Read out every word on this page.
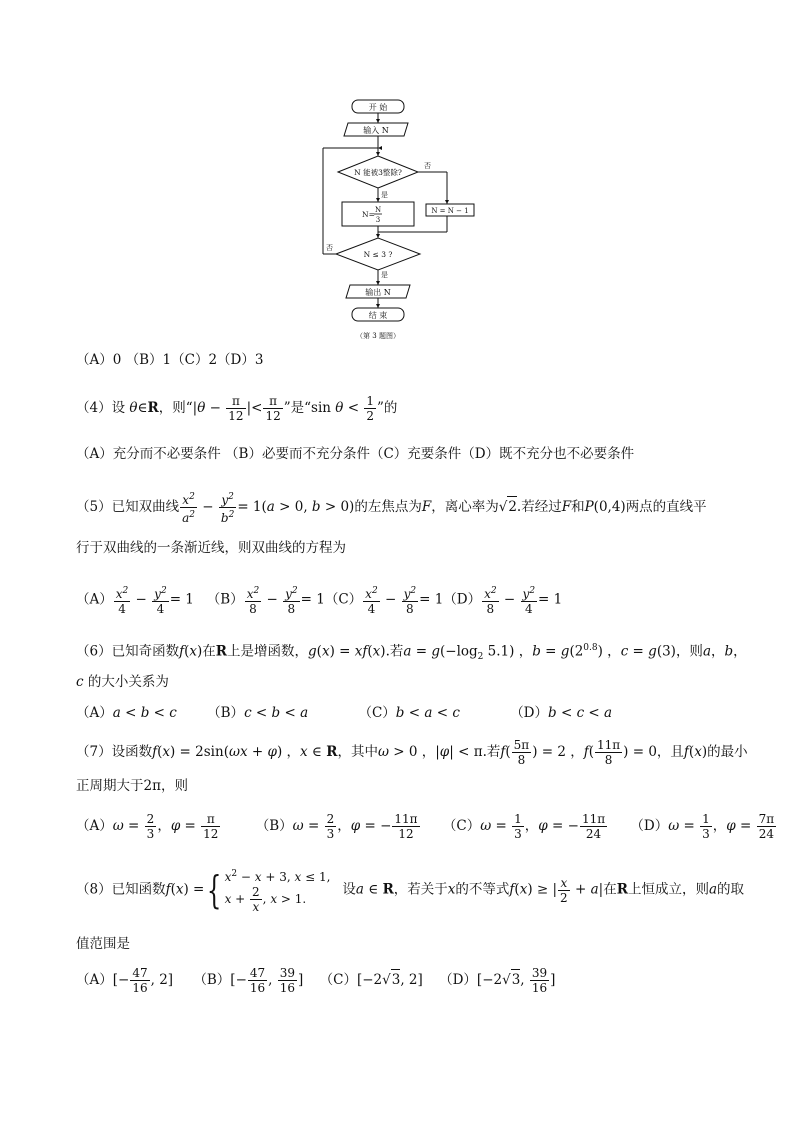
开 始
输入 N
N 能被3整除?
否
是
N= N
3
N = N − 1
N ≤ 3 ?
否
是
输出 N
结 束
（第 3 题图）
（A）0 （B）1（C）2（D）3
（4）设 θ∈R，则“$|\theta - \frac{\pi}{12}$ |< $\frac{\pi}{12}$ ”是“sin $\theta < \frac{1}{2}$ ”的
（A）充分而不必要条件 （B）必要而不充分条件（C）充要条件（D）既不充分也不必要条件
（5）已知双曲线 $\frac{x^2}{a^2} - \frac{y^2}{b^2} = 1(a > 0$, b > 0)的左焦点为F，离心率为√2.若经过F和P(0,4)两点的直线平
行于双曲线的一条渐近线，则双曲线的方程为
$(A) \frac{x^2}{4} - \frac{y^2}{4} = 1$   $(B) \frac{x^2}{8} - \frac{y^2}{8} = 1(C) \frac{x^2}{4} - \frac{y^2}{8} = 1(D) \frac{x^2}{8} - \frac{y^2}{4} = 1$
（6）已知奇函数f(x)在R上是增函数，g(x) = xf(x).若$a = g(-\log_2$ 5.1) ，$b = g(2^{0.8})$ ，c = g(3)，则a，b，
c 的大小关系为
（A）a < b < c （B）c < b < a	（C）b < a < c	（D）b < c < a
（7）设函数f(x) = 2sin(ωx + φ) ，x ∈ R，其中ω > 0 ，|φ| < π.若$f( \frac{5\pi}{8}$ ) = 2 ，$f( \frac{11\pi}{8}$ ) = 0，且f(x)的最小
正周期大于2π，则
$(A)\omega = \frac{2}{3}$ ，$\varphi = \frac{\pi}{12}$	$(B)\omega = \frac{2}{3}$ ，φ = − $\frac{11\pi}{12} (C)\omega = \frac{1}{3}$ ，φ = − $\frac{11\pi}{24} (D)\omega = \frac{1}{3}$ ，$\varphi = \frac{7\pi}{24}$
（8）已知函数f(x) ={ $x^2 - x + 3$, x ≤ 1,
$x + \frac{2}{x}$ , x > 1.
设a ∈ R，若关于x的不等式f(x) ≥ | $\frac{x}{2} + a|$在R上恒成立，则a的取
值范围是
$(A)[- \frac{47}{16}$ , 2] $(B)[- \frac{47}{16}$ , $\frac{39}{16}$ ] （C）[−2√3, 2] （D）[−2√3, $\frac{39}{16}$ ]
